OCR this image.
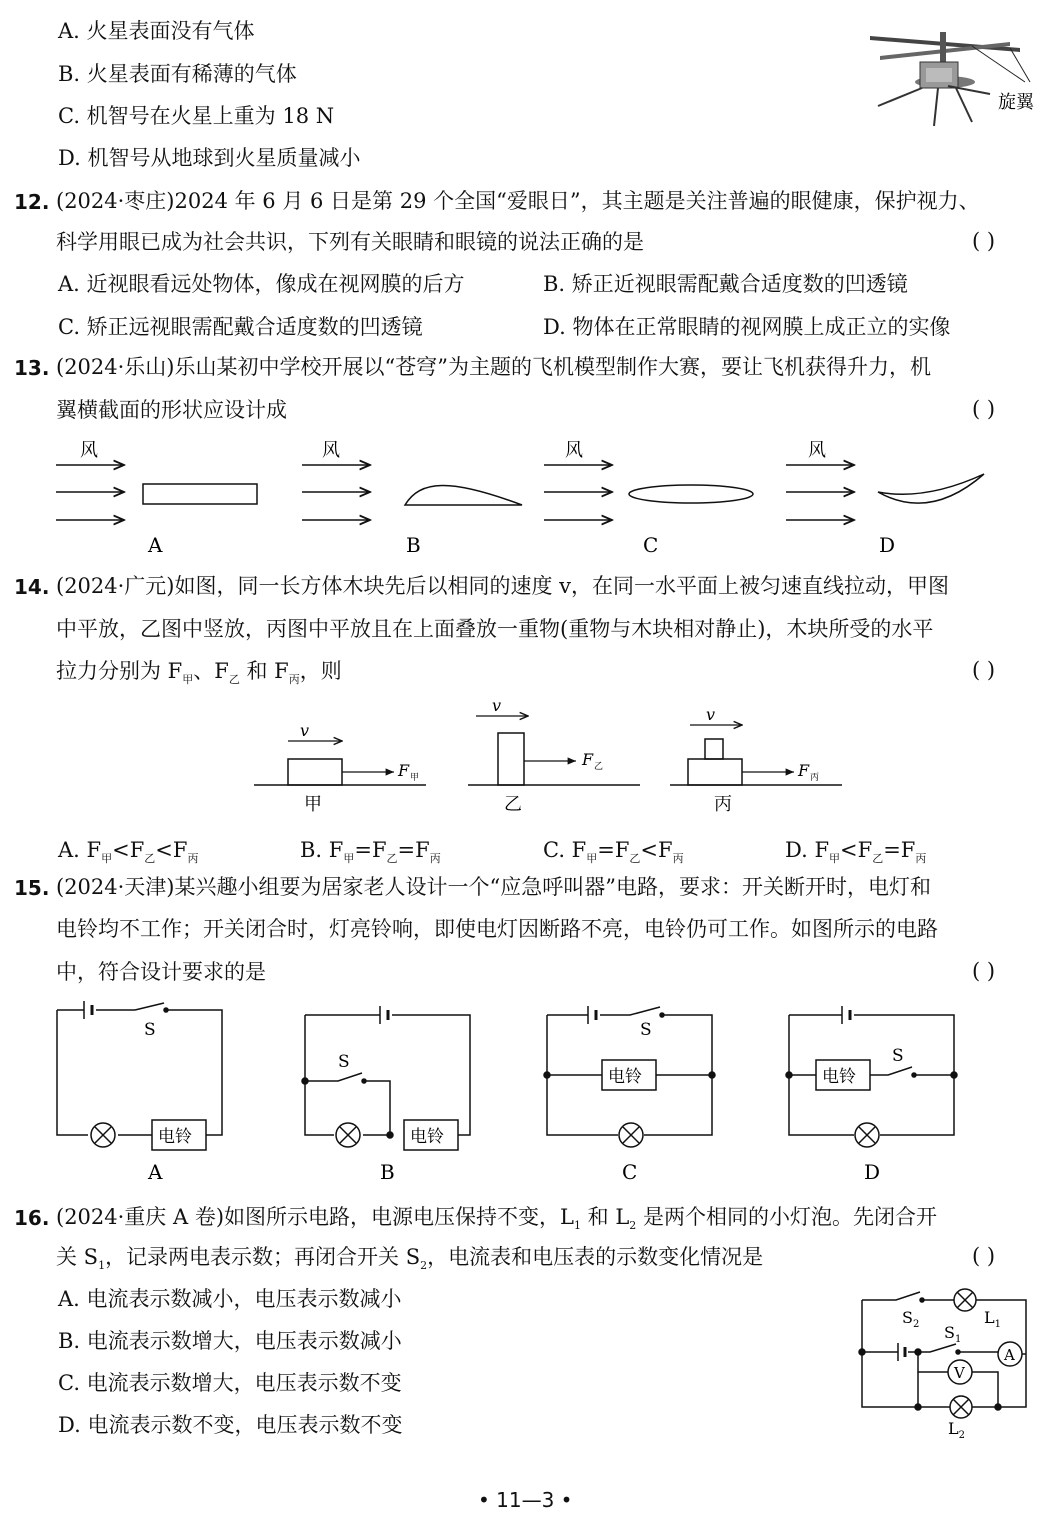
A. 火星表面没有气体
B. 火星表面有稀薄的气体
C. 机智号在火星上重为 18 N
D. 机智号从地球到火星质量减小
旋翼
12. (2024·枣庄)2024 年 6 月 6 日是第 29 个全国“爱眼日”，其主题是关注普遍的眼健康，保护视力、
科学用眼已成为社会共识，下列有关眼睛和眼镜的说法正确的是	( )
A. 近视眼看远处物体，像成在视网膜的后方	B. 矫正近视眼需配戴合适度数的凹透镜
C. 矫正远视眼需配戴合适度数的凹透镜	D. 物体在正常眼睛的视网膜上成正立的实像
13. (2024·乐山)乐山某初中学校开展以“苍穹”为主题的飞机模型制作大赛，要让飞机获得升力，机
翼横截面的形状应设计成	( )
风
A
风
B
风
C
风
D
14. (2024·广元)如图，同一长方体木块先后以相同的速度 v，在同一水平面上被匀速直线拉动，甲图
中平放，乙图中竖放，丙图中平放且在上面叠放一重物(重物与木块相对静止)，木块所受的水平
拉力分别为 $F_甲$、$F_乙$ 和 $F_丙$，则	( )
v
F 甲
甲
v
F 乙
乙
v
F 丙
丙
A. $F_甲<F_乙<F_丙$	B. $F_甲=F_乙=F_丙$	C. $F_甲=F_乙<F_丙$	D. $F_甲<F_乙=F_丙$
15. (2024·天津)某兴趣小组要为居家老人设计一个“应急呼叫器”电路，要求：开关断开时，电灯和
电铃均不工作；开关闭合时，灯亮铃响，即使电灯因断路不亮，电铃仍可工作。如图所示的电路
中，符合设计要求的是	( )
S
电铃
A
S
电铃
B
S
电铃
C
S
电铃
D
16. (2024·重庆 A 卷)如图所示电路，电源电压保持不变，$L_1$ 和 $L_2$ 是两个相同的小灯泡。先闭合开
关 $S_1$，记录两电表示数；再闭合开关 $S_2$，电流表和电压表的示数变化情况是	( )
A. 电流表示数减小，电压表示数减小
B. 电流表示数增大，电压表示数减小
C. 电流表示数增大，电压表示数不变
D. 电流表示数不变，电压表示数不变
$S_2$	$L_1$
$S_1$
A
V
$L_2$
• 11—3 •
